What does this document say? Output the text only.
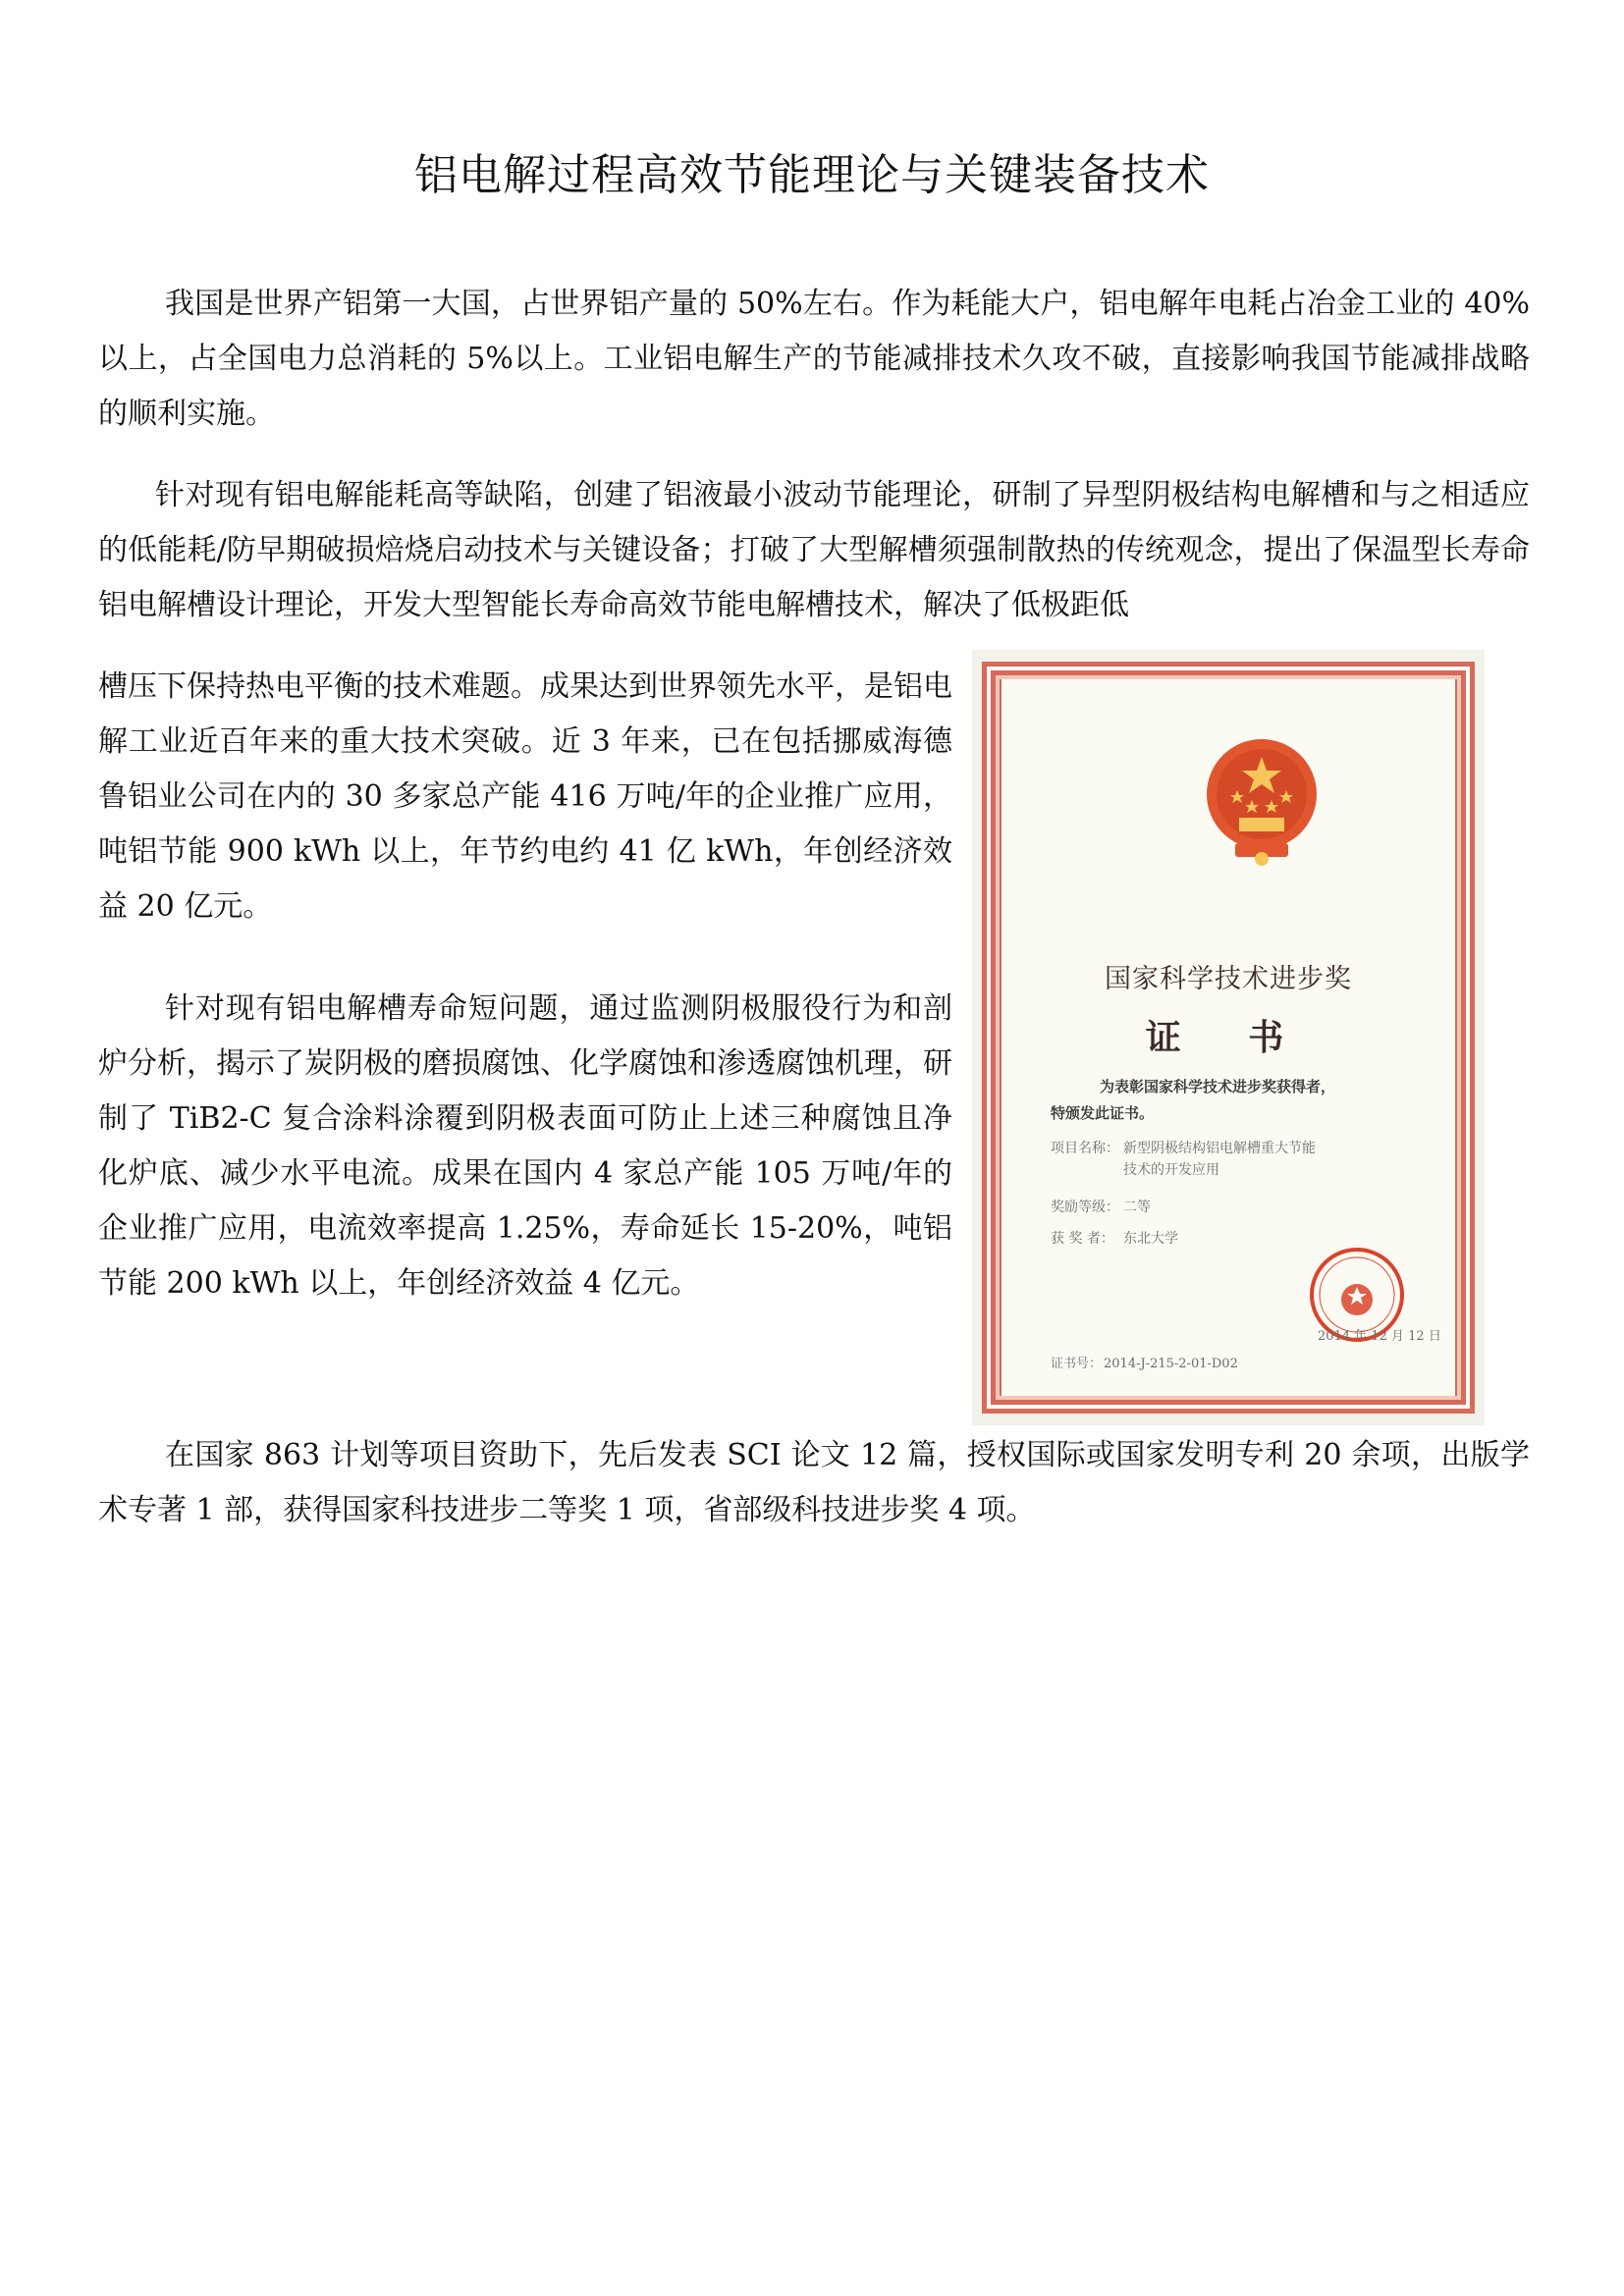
铝电解过程高效节能理论与关键装备技术

我国是世界产铝第一大国，占世界铝产量的 50%左右。作为耗能大户，铝电解年电耗占冶金工业的 40%以上，占全国电力总消耗的 5%以上。工业铝电解生产的节能减排技术久攻不破，直接影响我国节能减排战略的顺利实施。

针对现有铝电解能耗高等缺陷，创建了铝液最小波动节能理论，研制了异型阴极结构电解槽和与之相适应的低能耗/防早期破损焙烧启动技术与关键设备；打破了大型解槽须强制散热的传统观念，提出了保温型长寿命铝电解槽设计理论，开发大型智能长寿命高效节能电解槽技术，解决了低极距低

槽压下保持热电平衡的技术难题。成果达到世界领先水平，是铝电解工业近百年来的重大技术突破。近 3 年来，已在包括挪威海德鲁铝业公司在内的 30 多家总产能 416 万吨/年的企业推广应用，吨铝节能 900 kWh 以上，年节约电约 41 亿 kWh，年创经济效益 20 亿元。

针对现有铝电解槽寿命短问题，通过监测阴极服役行为和剖炉分析，揭示了炭阴极的磨损腐蚀、化学腐蚀和渗透腐蚀机理，研制了 TiB2-C 复合涂料涂覆到阴极表面可防止上述三种腐蚀且净化炉底、减少水平电流。成果在国内 4 家总产能 105 万吨/年的企业推广应用，电流效率提高 1.25%，寿命延长 15-20%，吨铝节能 200 kWh 以上，年创经济效益 4 亿元。

在国家 863 计划等项目资助下，先后发表 SCI 论文 12 篇，授权国际或国家发明专利 20 余项，出版学术专著 1 部，获得国家科技进步二等奖 1 项，省部级科技进步奖 4 项。

国家科学技术进步奖

证 书

为表彰国家科学技术进步奖获得者，

特颁发此证书。

项目名称： 新型阴极结构铝电解槽重大节能

技术的开发应用

奖励等级： 二等

获 奖 者： 东北大学

2014 年 12 月 12 日

证书号： 2014-J-215-2-01-D02
